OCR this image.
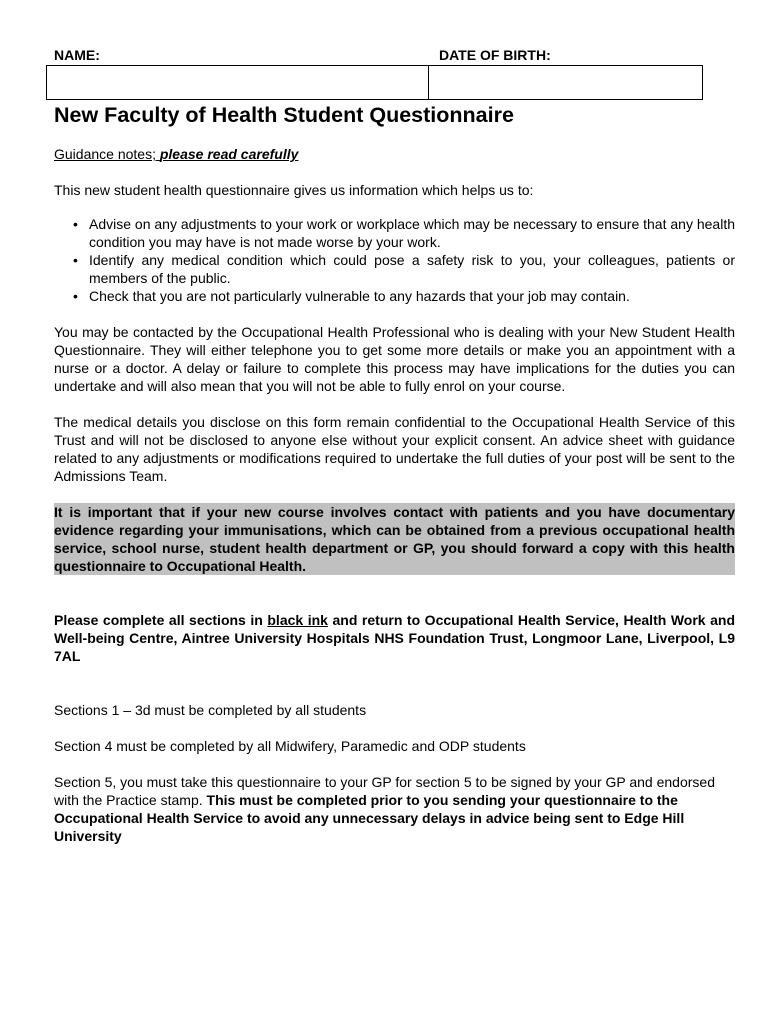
NAME:	DATE OF BIRTH:
New Faculty of Health Student Questionnaire

Guidance notes; please read carefully

This new student health questionnaire gives us information which helps us to:

• Advise on any adjustments to your work or workplace which may be necessary to ensure that any health condition you may have is not made worse by your work.
• Identify any medical condition which could pose a safety risk to you, your colleagues, patients or members of the public.
• Check that you are not particularly vulnerable to any hazards that your job may contain.

You may be contacted by the Occupational Health Professional who is dealing with your New Student Health Questionnaire. They will either telephone you to get some more details or make you an appointment with a nurse or a doctor. A delay or failure to complete this process may have implications for the duties you can undertake and will also mean that you will not be able to fully enrol on your course.

The medical details you disclose on this form remain confidential to the Occupational Health Service of this Trust and will not be disclosed to anyone else without your explicit consent. An advice sheet with guidance related to any adjustments or modifications required to undertake the full duties of your post will be sent to the Admissions Team.

It is important that if your new course involves contact with patients and you have documentary evidence regarding your immunisations, which can be obtained from a previous occupational health service, school nurse, student health department or GP, you should forward a copy with this health questionnaire to Occupational Health.

Please complete all sections in black ink and return to Occupational Health Service, Health Work and Well-being Centre, Aintree University Hospitals NHS Foundation Trust, Longmoor Lane, Liverpool, L9 7AL

Sections 1 – 3d must be completed by all students

Section 4 must be completed by all Midwifery, Paramedic and ODP students

Section 5, you must take this questionnaire to your GP for section 5 to be signed by your GP and endorsed with the Practice stamp. This must be completed prior to you sending your questionnaire to the Occupational Health Service to avoid any unnecessary delays in advice being sent to Edge Hill University
